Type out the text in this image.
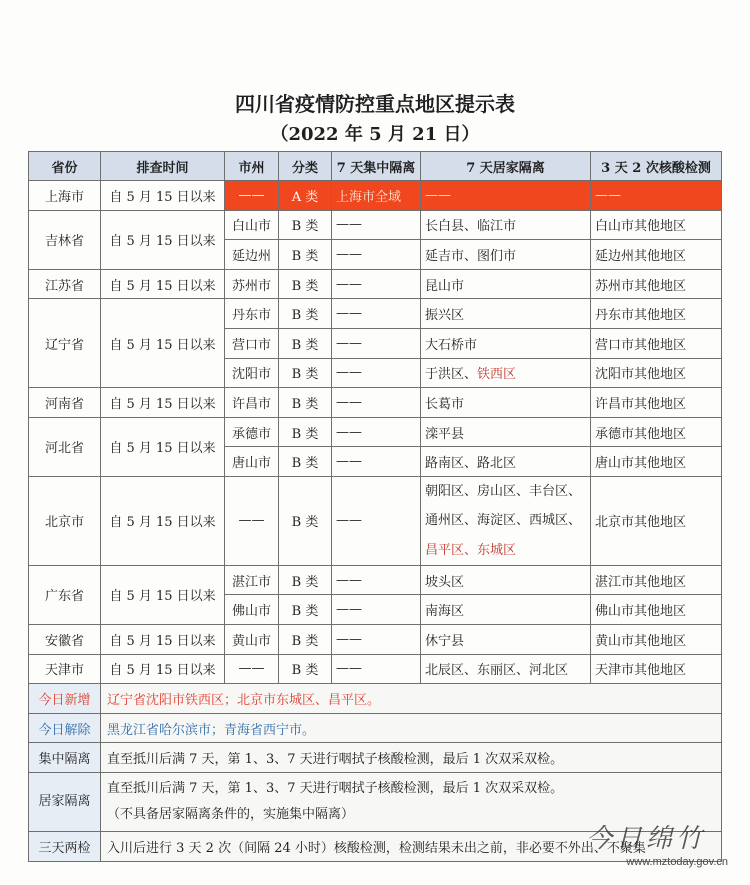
四川省疫情防控重点地区提示表
（2022 年 5 月 21 日）
省份	排查时间	市州	分类	7 天集中隔离	7 天居家隔离	3 天 2 次核酸检测
上海市	自 5 月 15 日以来	——	A 类	上海市全域	——	——
吉林省	自 5 月 15 日以来	白山市	B 类	——	长白县、临江市	白山市其他地区
		延边州	B 类	——	延吉市、图们市	延边州其他地区
江苏省	自 5 月 15 日以来	苏州市	B 类	——	昆山市	苏州市其他地区
辽宁省	自 5 月 15 日以来	丹东市	B 类	——	振兴区	丹东市其他地区
		营口市	B 类	——	大石桥市	营口市其他地区
		沈阳市	B 类	——	于洪区、铁西区	沈阳市其他地区
河南省	自 5 月 15 日以来	许昌市	B 类	——	长葛市	许昌市其他地区
河北省	自 5 月 15 日以来	承德市	B 类	——	滦平县	承德市其他地区
		唐山市	B 类	——	路南区、路北区	唐山市其他地区
北京市	自 5 月 15 日以来	——	B 类	——	朝阳区、房山区、丰台区、
通州区、海淀区、西城区、
昌平区、东城区	北京市其他地区
广东省	自 5 月 15 日以来	湛江市	B 类	——	坡头区	湛江市其他地区
		佛山市	B 类	——	南海区	佛山市其他地区
安徽省	自 5 月 15 日以来	黄山市	B 类	——	休宁县	黄山市其他地区
天津市	自 5 月 15 日以来	——	B 类	——	北辰区、东丽区、河北区	天津市其他地区
今日新增	辽宁省沈阳市铁西区；北京市东城区、昌平区。					
今日解除	黑龙江省哈尔滨市；青海省西宁市。					
集中隔离	直至抵川后满 7 天，第 1、3、7 天进行咽拭子核酸检测，最后 1 次双采双检。					
居家隔离	直至抵川后满 7 天，第 1、3、7 天进行咽拭子核酸检测，最后 1 次双采双检。
（不具备居家隔离条件的，实施集中隔离）					

三天两检	入川后进行 3 天 2 次（间隔 24 小时）核酸检测，检测结果未出之前，非必要不外出、不聚集					
今日绵竹
www.mztoday.gov.cn
